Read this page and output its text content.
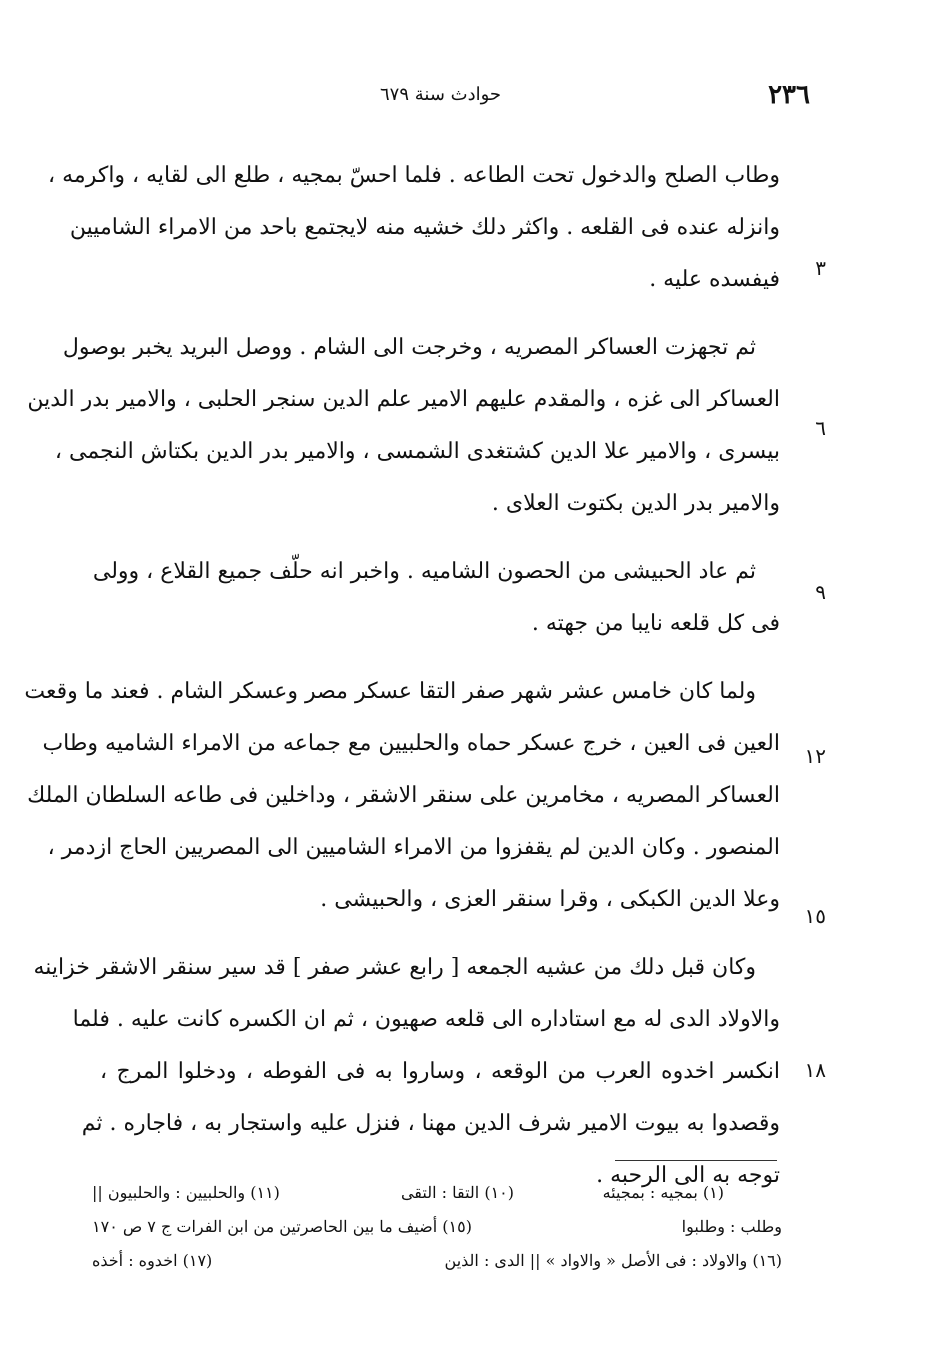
٢٣٦
حوادث سنة ٦٧٩
٣
٦
٩
١٢
١٥
١٨
وطاب الصلح والدخول تحت الطاعه . فلما احسّ بمجيه ، طلع الى لقايه ، واكرمه ،
وانزله عنده فى القلعه . واكثر دلك خشيه منه لايجتمع باحد من الامراء الشاميين
فيفسده عليه .
ثم تجهزت العساكر المصريه ، وخرجت الى الشام . ووصل البريد يخبر بوصول
العساكر الى غزه ، والمقدم عليهم الامير علم الدين سنجر الحلبى ، والامير بدر الدين
بيسرى ، والامير علا الدين كشتغدى الشمسى ، والامير بدر الدين بكتاش النجمى ،
والامير بدر الدين بكتوت العلاى .
ثم عاد الحبيشى من الحصون الشاميه . واخبر انه حلّف جميع القلاع ، وولى
فى كل قلعه نايبا من جهته .
ولما كان خامس عشر شهر صفر التقا عسكر مصر وعسكر الشام . فعند ما وقعت
العين فى العين ، خرج عسكر حماه والحلبيين مع جماعه من الامراء الشاميه وطاب
العساكر المصريه ، مخامرين على سنقر الاشقر ، وداخلين فى طاعه السلطان الملك
المنصور . وكان الدين لم يقفزوا من الامراء الشاميين الى المصريين الحاج ازدمر ،
وعلا الدين الكبكى ، وقرا سنقر العزى ، والحبيشى .
وكان قبل دلك من عشيه الجمعه [ رابع عشر صفر ] قد سير سنقر الاشقر خزاينه
والاولاد الدى له مع استاداره الى قلعه صهيون ، ثم ان الكسره كانت عليه . فلما
انكسر اخدوه العرب من الوقعه ، وساروا به فى الفوطه ، ودخلوا المرج ،
وقصدوا به بيوت الامير شرف الدين مهنا ، فنزل عليه واستجار به ، فاجاره . ثم
توجه به الى الرحبه .
(١) بمجيه : بمجيئه
(١٠) التقا : التقى
(١١) والحلبيين : والحلبيون ||
وطلب : وطلبوا
(١٥) أضيف ما بين الحاصرتين من ابن الفرات ج ٧ ص ١٧٠
(١٦) والاولاد : فى الأصل « والاواد » || الدى : الذين
(١٧) اخدوه : أخذه
